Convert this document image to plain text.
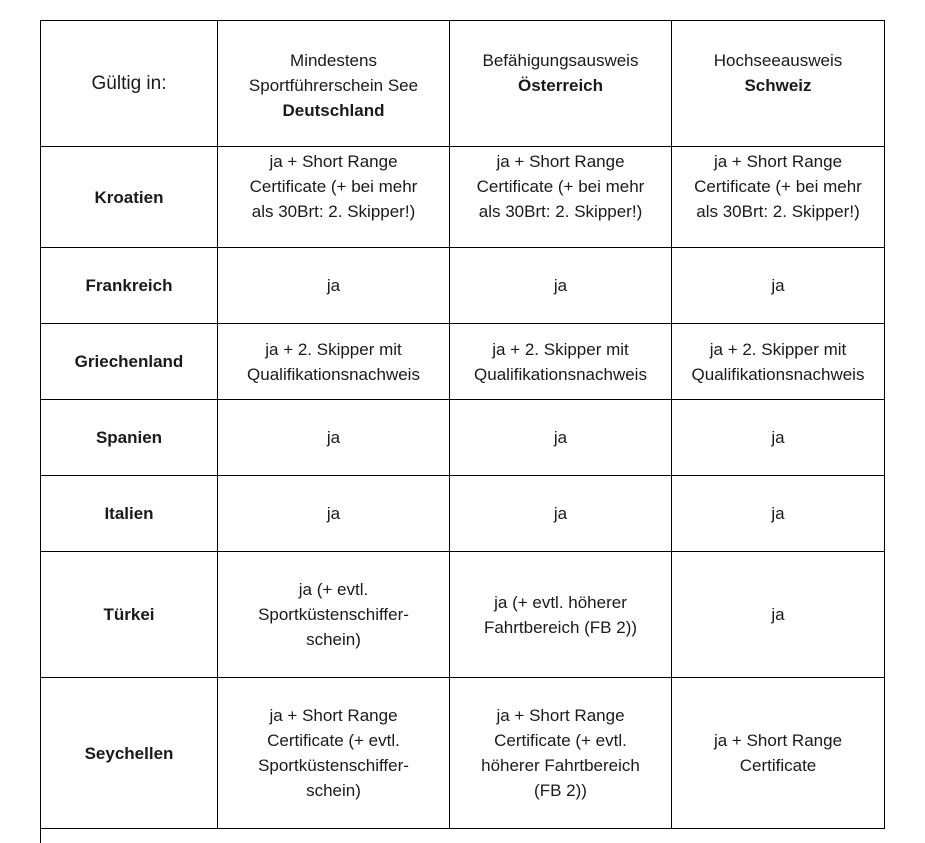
Gültig in:	Mindestens
Sportführerschein See
Deutschland	Befähigungsausweis
Österreich	Hochseeausweis
Schweiz

Kroatien	ja + Short Range
Certificate (+ bei mehr
als 30Brt: 2. Skipper!)	ja + Short Range
Certificate (+ bei mehr
als 30Brt: 2. Skipper!)	ja + Short Range
Certificate (+ bei mehr
als 30Brt: 2. Skipper!)

Frankreich	ja	ja	ja

Griechenland	ja + 2. Skipper mit
Qualifikationsnachweis	ja + 2. Skipper mit
Qualifikationsnachweis	ja + 2. Skipper mit
Qualifikationsnachweis

Spanien	ja	ja	ja

Italien	ja	ja	ja

Türkei	ja (+ evtl.
Sportküstenschiffer-
schein)	ja (+ evtl. höherer
Fahrtbereich (FB 2))	ja

Seychellen	ja + Short Range
Certificate (+ evtl.
Sportküstenschiffer-
schein)	ja + Short Range
Certificate (+ evtl.
höherer Fahrtbereich
(FB 2))	ja + Short Range
Certificate
